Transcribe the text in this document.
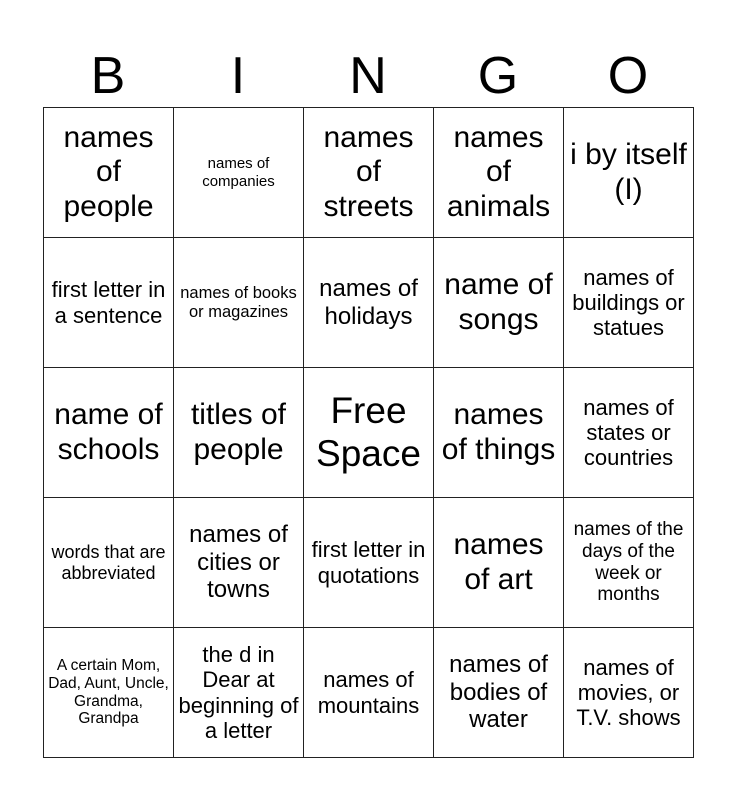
B	I	N	G	O
names of people	names of companies	names of streets	names of animals	i by itself (I)
first letter in a sentence	names of books or magazines	names of holidays	name of songs	names of buildings or statues
name of schools	titles of people	Free Space	names of things	names of states or countries
words that are abbreviated	names of cities or towns	first letter in quotations	names of art	names of the days of the week or months
A certain Mom, Dad, Aunt, Uncle, Grandma, Grandpa	the d in Dear at beginning of a letter	names of mountains	names of bodies of water	names of movies, or T.V. shows
